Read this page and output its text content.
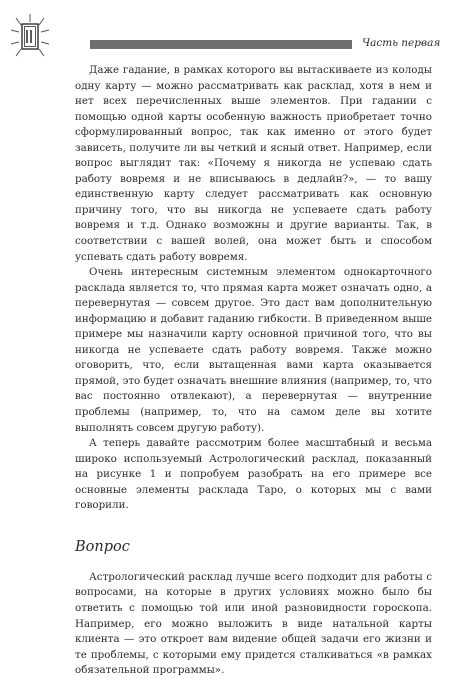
Часть первая

Даже гадание, в рамках которого вы вытаскиваете из колоды одну карту — можно рассматривать как расклад, хотя в нем и нет всех перечисленных выше элементов. При гадании с помощью одной карты особенную важность приобретает точно сформулированный вопрос, так как именно от этого будет зависеть, получите ли вы четкий и ясный ответ. Например, если вопрос выглядит так: «Почему я никогда не успеваю сдать работу вовремя и не вписываюсь в дедлайн?», — то вашу единственную карту следует рассматривать как основную причину того, что вы никогда не успеваете сдать работу вовремя и т.д. Однако возможны и другие варианты. Так, в соответствии с вашей волей, она может быть и способом успевать сдать работу вовремя.

Очень интересным системным элементом однокарточного расклада является то, что прямая карта может означать одно, а перевернутая — совсем другое. Это даст вам дополнительную информацию и добавит гаданию гибкости. В приведенном выше примере мы назначили карту основной причиной того, что вы никогда не успеваете сдать работу вовремя. Также можно оговорить, что, если вытащенная вами карта оказывается прямой, это будет означать внешние влияния (например, то, что вас постоянно отвлекают), а перевернутая — внутренние проблемы (например, то, что на самом деле вы хотите выполнять совсем другую работу).

А теперь давайте рассмотрим более масштабный и весьма широко используемый Астрологический расклад, показанный на рисунке 1 и попробуем разобрать на его примере все основные элементы расклада Таро, о которых мы с вами говорили.

Вопрос

Астрологический расклад лучше всего подходит для работы с вопросами, на которые в других условиях можно было бы ответить с помощью той или иной разновидности гороскопа. Например, его можно выложить в виде натальной карты клиента — это откроет вам видение общей задачи его жизни и те проблемы, с которыми ему придется сталкиваться «в рамках обязательной программы».
